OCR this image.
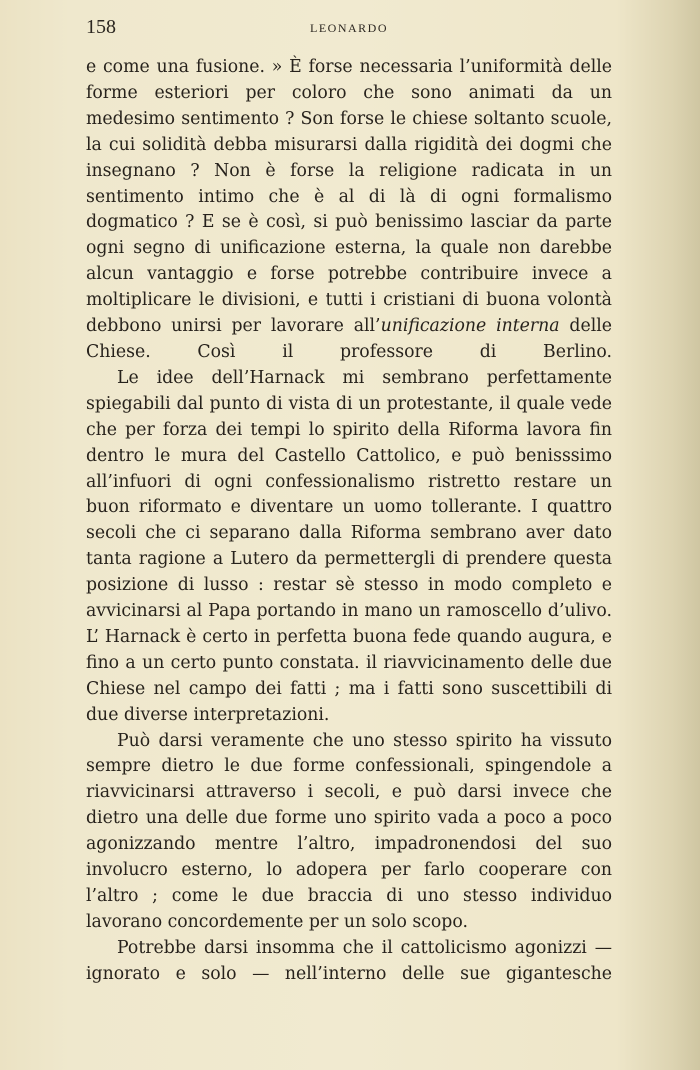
158	LEONARDO

e come una fusione. » È forse necessaria l’uniformità delle forme esteriori per coloro che sono animati da un medesimo sentimento ? Son forse le chiese soltanto scuole, la cui solidità debba misurarsi dalla rigidità dei dogmi che insegnano ? Non è forse la religione radicata in un sentimento intimo che è al di là di ogni formalismo dogmatico ? E se è così, si può benissimo lasciar da parte ogni segno di unificazione esterna, la quale non darebbe alcun vantaggio e forse potrebbe contribuire invece a moltiplicare le divisioni, e tutti i cristiani di buona volontà debbono unirsi per lavorare all’unificazione interna delle Chiese. Così il professore di Berlino.

Le idee dell’Harnack mi sembrano perfettamente spiegabili dal punto di vista di un protestante, il quale vede che per forza dei tempi lo spirito della Riforma lavora fin dentro le mura del Castello Cattolico, e può benisssimo all’infuori di ogni confessionalismo ristretto restare un buon riformato e diventare un uomo tollerante. I quattro secoli che ci separano dalla Riforma sembrano aver dato tanta ragione a Lutero da permettergli di prendere questa posizione di lusso : restar sè stesso in modo completo e avvicinarsi al Papa portando in mano un ramoscello d’ulivo. L’ Harnack è certo in perfetta buona fede quando augura, e fino a un certo punto constata. il riavvicinamento delle due Chiese nel campo dei fatti ; ma i fatti sono suscettibili di due diverse interpretazioni.

Può darsi veramente che uno stesso spirito ha vissuto sempre dietro le due forme confessionali, spingendole a riavvicinarsi attraverso i secoli, e può darsi invece che dietro una delle due forme uno spirito vada a poco a poco agonizzando mentre l’altro, impadronendosi del suo involucro esterno, lo adopera per farlo cooperare con l’altro ; come le due braccia di uno stesso individuo lavorano concordemente per un solo scopo.

Potrebbe darsi insomma che il cattolicismo agonizzi — ignorato e solo — nell’interno delle sue gigantesche
